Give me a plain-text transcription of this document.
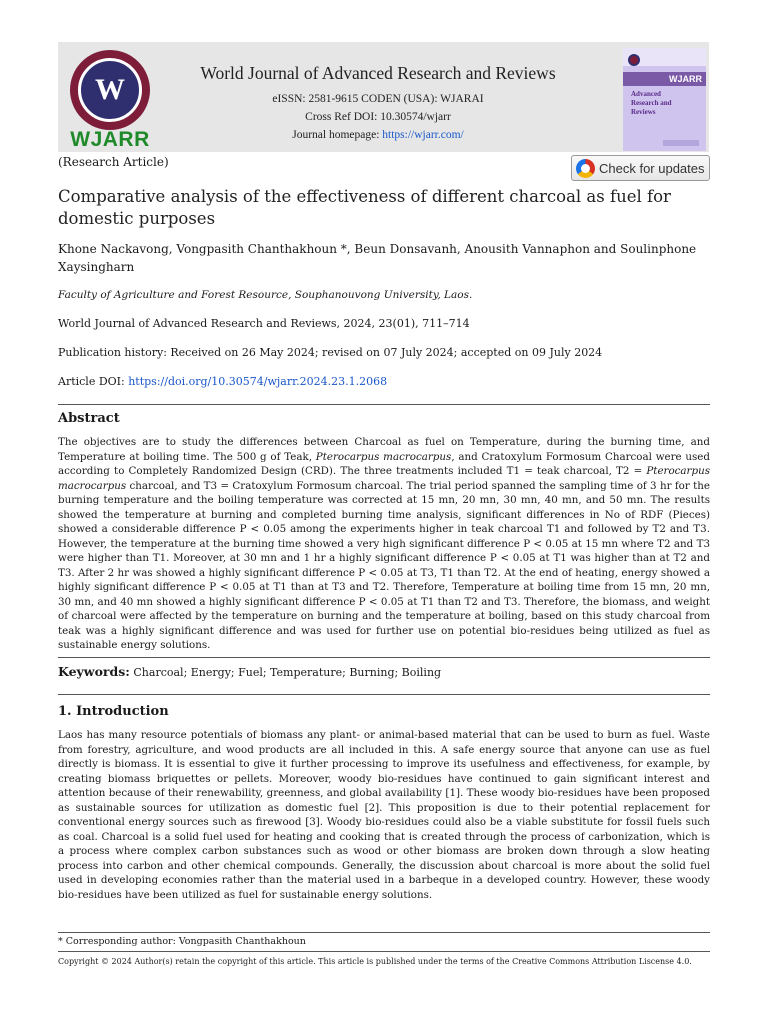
W
WJARR
World Journal of Advanced Research and Reviews
eISSN: 2581-9615 CODEN (USA): WJARAI
Cross Ref DOI: 10.30574/wjarr
Journal homepage: https://wjarr.com/
WJARR
Advanced
Research and
Reviews
(Research Article)	Check for updates
Comparative analysis of the effectiveness of different charcoal as fuel for domestic purposes
Khone Nackavong, Vongpasith Chanthakhoun *, Beun Donsavanh, Anousith Vannaphon and Soulinphone Xaysingharn
Faculty of Agriculture and Forest Resource, Souphanouvong University, Laos.
World Journal of Advanced Research and Reviews, 2024, 23(01), 711–714
Publication history: Received on 26 May 2024; revised on 07 July 2024; accepted on 09 July 2024
Article DOI: https://doi.org/10.30574/wjarr.2024.23.1.2068
Abstract
The objectives are to study the differences between Charcoal as fuel on Temperature, during the burning time, and Temperature at boiling time. The 500 g of Teak, Pterocarpus macrocarpus, and Cratoxylum Formosum Charcoal were used according to Completely Randomized Design (CRD). The three treatments included T1 = teak charcoal, T2 = Pterocarpus macrocarpus charcoal, and T3 = Cratoxylum Formosum charcoal. The trial period spanned the sampling time of 3 hr for the burning temperature and the boiling temperature was corrected at 15 mn, 20 mn, 30 mn, 40 mn, and 50 mn. The results showed the temperature at burning and completed burning time analysis, significant differences in No of RDF (Pieces) showed a considerable difference P < 0.05 among the experiments higher in teak charcoal T1 and followed by T2 and T3. However, the temperature at the burning time showed a very high significant difference P < 0.05 at 15 mn where T2 and T3 were higher than T1. Moreover, at 30 mn and 1 hr a highly significant difference P < 0.05 at T1 was higher than at T2 and T3. After 2 hr was showed a highly significant difference P < 0.05 at T3, T1 than T2. At the end of heating, energy showed a highly significant difference P < 0.05 at T1 than at T3 and T2. Therefore, Temperature at boiling time from 15 mn, 20 mn, 30 mn, and 40 mn showed a highly significant difference P < 0.05 at T1 than T2 and T3. Therefore, the biomass, and weight of charcoal were affected by the temperature on burning and the temperature at boiling, based on this study charcoal from teak was a highly significant difference and was used for further use on potential bio-residues being utilized as fuel as sustainable energy solutions.
Keywords: Charcoal; Energy; Fuel; Temperature; Burning; Boiling
1. Introduction
Laos has many resource potentials of biomass any plant- or animal-based material that can be used to burn as fuel. Waste from forestry, agriculture, and wood products are all included in this. A safe energy source that anyone can use as fuel directly is biomass. It is essential to give it further processing to improve its usefulness and effectiveness, for example, by creating biomass briquettes or pellets. Moreover, woody bio-residues have continued to gain significant interest and attention because of their renewability, greenness, and global availability [1]. These woody bio-residues have been proposed as sustainable sources for utilization as domestic fuel [2]. This proposition is due to their potential replacement for conventional energy sources such as firewood [3]. Woody bio-residues could also be a viable substitute for fossil fuels such as coal. Charcoal is a solid fuel used for heating and cooking that is created through the process of carbonization, which is a process where complex carbon substances such as wood or other biomass are broken down through a slow heating process into carbon and other chemical compounds. Generally, the discussion about charcoal is more about the solid fuel used in developing economies rather than the material used in a barbeque in a developed country. However, these woody bio-residues have been utilized as fuel for sustainable energy solutions.
* Corresponding author: Vongpasith Chanthakhoun
Copyright © 2024 Author(s) retain the copyright of this article. This article is published under the terms of the Creative Commons Attribution Liscense 4.0.
